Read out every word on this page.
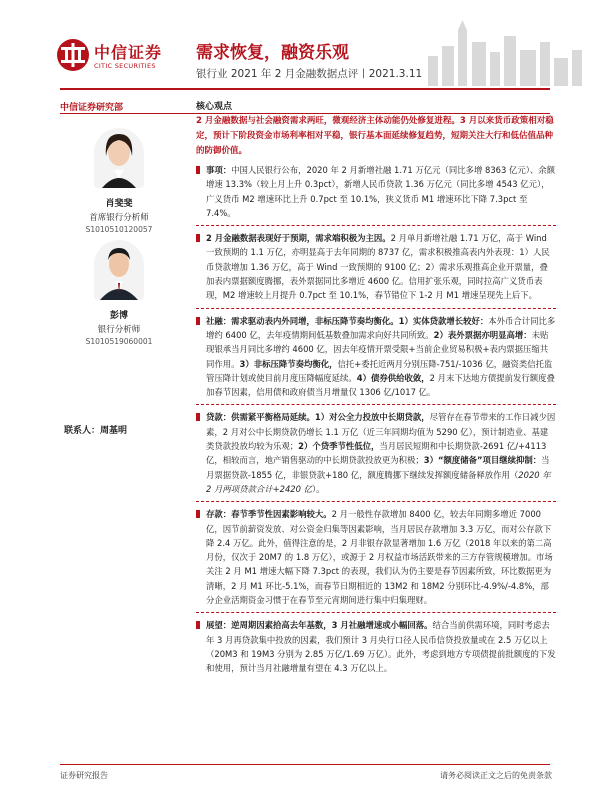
中信证券
CITIC SECURITIES
需求恢复，融资乐观
银行业 2021 年 2 月金融数据点评丨2021.3.11
中信证券研究部
肖斐斐
首席银行分析师
S1010510120057
彭博
银行分析师
S1010519060001
联系人：周基明
核心观点

2 月金融数据与社会融资需求两旺，微观经济主体动能仍处修复进程。3 月以来货币政策相对稳定，预计下阶段资金市场利率相对平稳，银行基本面延续修复趋势，短期关注大行和低估值品种的防御价值。

事项：中国人民银行公布，2020 年 2 月新增社融 1.71 万亿元（同比多增 8363 亿元）、余额增速 13.3%（较上月上升 0.3pct），新增人民币贷款 1.36 万亿元（同比多增 4543 亿元），广义货币 M2 增速环比上升 0.7pct 至 10.1%，狭义货币 M1 增速环比下降 7.3pct 至 7.4%。

2 月金融数据表现好于预期，需求端积极为主因。2 月单月新增社融 1.71 万亿，高于 Wind 一致预期的 1.1 万亿，亦明显高于去年同期的 8737 亿，需求积极推高表内外表现：1）人民币贷款增加 1.36 万亿，高于 Wind 一致预期的 9100 亿；2）需求乐观推高企业开票量，叠加表内票据额度腾挪，表外票据同比多增近 4600 亿。信用扩张乐观，同时拉高广义货币表现，M2 增速较上月提升 0.7pct 至 10.1%，春节错位下 1-2 月 M1 增速呈现先上后下。

社融：需求驱动表内外同增，非标压降节奏均衡化。1）实体贷款增长较好：本外币合计同比多增约 6400 亿，去年疫情期间低基数叠加需求向好共同所致。2）表外票据亦明显高增：未贴现银承当月同比多增约 4600 亿，因去年疫情开票受限+当前企业贸易积极+表内票据压缩共同作用。3）非标压降节奏均衡化，信托+委托近两月分别压降-751/-1036 亿，融资类信托监管压降计划或使目前月度压降幅度延续。4）债券供给收敛，2 月末下达地方债提前发行额度叠加春节因素，信用债和政府债当月增量仅 1306 亿/1017 亿。

贷款：供需紧平衡格局延续。1）对公全力投放中长期贷款，尽管存在春节带来的工作日减少因素，2 月对公中长期贷款仍增长 1.1 万亿（近三年同期均值为 5290 亿），预计制造业、基建类贷款投放均较为乐观；2）个贷季节性低位，当月居民短期和中长期贷款-2691 亿/+4113 亿，相较而言，地产销售驱动的中长期贷款投放更为积极；3）“额度储备”项目继续抑制：当月票据贷款-1855 亿，非银贷款+180 亿，额度腾挪下继续发挥额度储备释放作用（2020 年 2 月两项贷款合计+2420 亿）。

存款：春节季节性因素影响较大。2 月一般性存款增加 8400 亿，较去年同期多增近 7000 亿，因节前薪资发放、对公资金归集等因素影响，当月居民存款增加 3.3 万亿，而对公存款下降 2.4 万亿。此外，值得注意的是，2 月非银存款显著增加 1.6 万亿（2018 年以来的第二高月份，仅次于 20M7 的 1.8 万亿），或源于 2 月权益市场活跃带来的三方存管规模增加。市场关注 2 月 M1 增速大幅下降 7.3pct 的表现，我们认为仍主要是春节因素所致，环比数据更为清晰，2 月 M1 环比-5.1%，而春节日期相近的 13M2 和 18M2 分别环比-4.9%/-4.8%，部分企业活期资金习惯于在春节至元宵期间进行集中归集理财。

展望：逆周期因素拾高去年基数，3 月社融增速或小幅回落。结合当前供需环境，同时考虑去年 3 月再贷款集中投放的因素，我们预计 3 月央行口径人民币信贷投放量或在 2.5 万亿以上（20M3 和 19M3 分别为 2.85 万亿/1.69 万亿）。此外，考虑到地方专项债提前批额度的下发和使用，预计当月社融增量有望在 4.3 万亿以上。

证券研究报告	请务必阅读正文之后的免责条款
